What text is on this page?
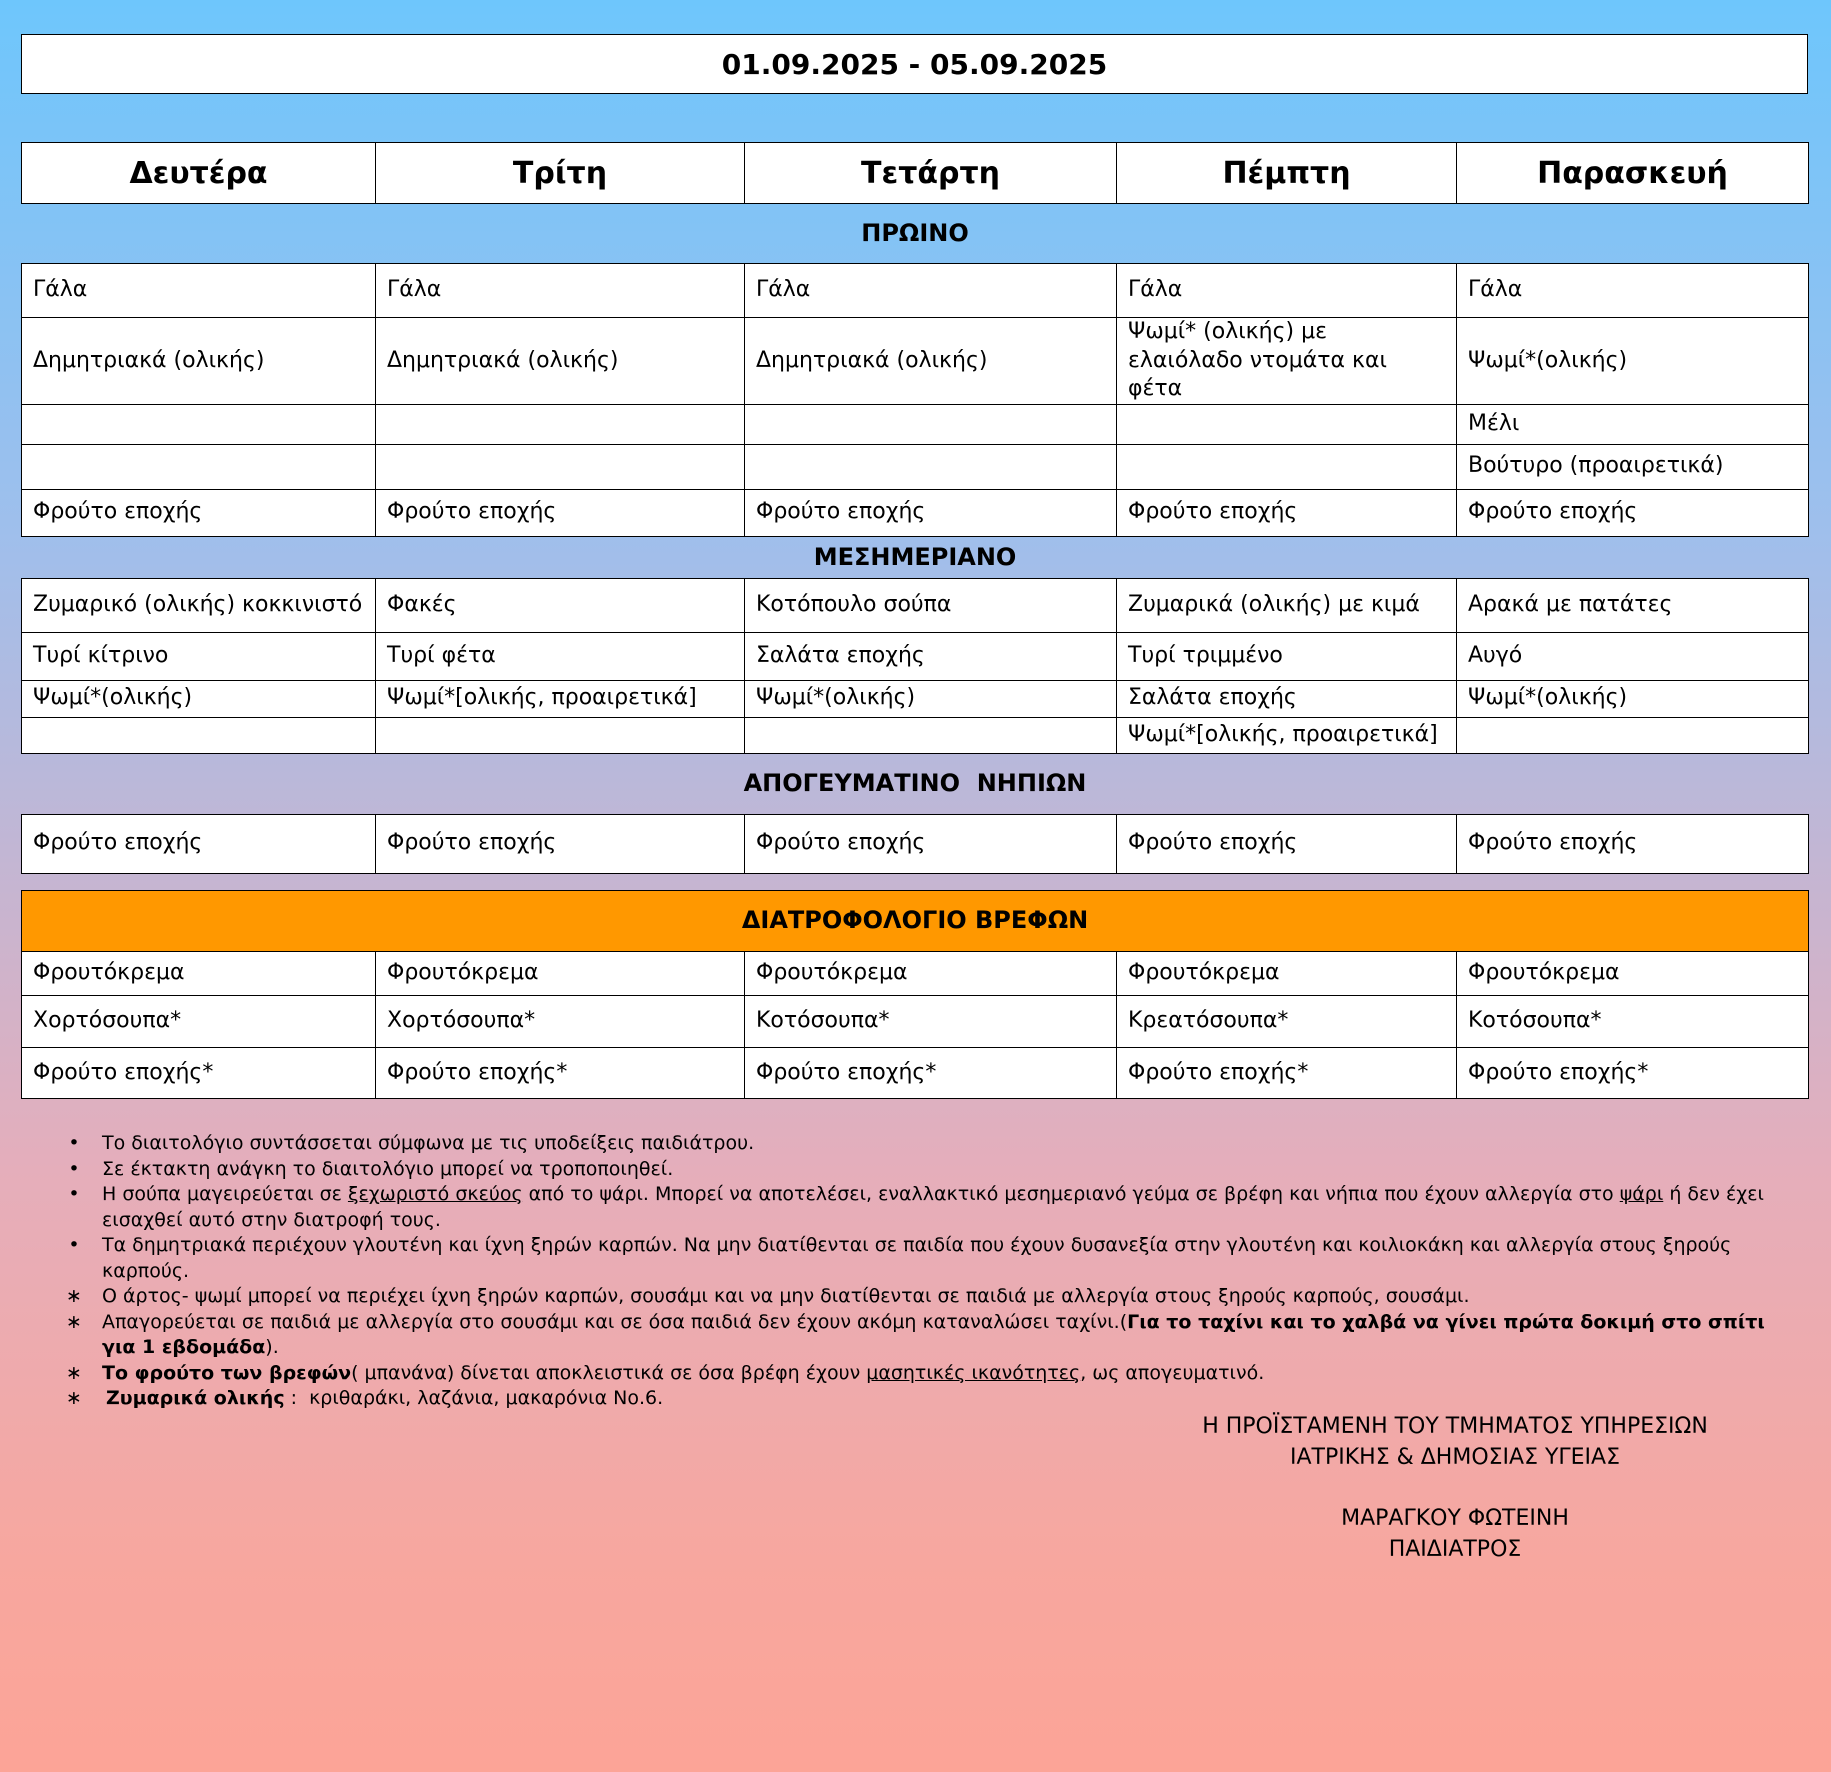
01.09.2025 - 05.09.2025
Δευτέρα	Τρίτη	Τετάρτη	Πέμπτη	Παρασκευή
ΠΡΩΙΝΟ				
Γάλα	Γάλα	Γάλα	Γάλα	Γάλα
Δημητριακά (ολικής)	Δημητριακά (ολικής)	Δημητριακά (ολικής)	Ψωμί* (ολικής) με ελαιόλαδο ντομάτα και φέτα	Ψωμί*(ολικής)
				Μέλι
				Βούτυρο (προαιρετικά)
Φρούτο εποχής	Φρούτο εποχής	Φρούτο εποχής	Φρούτο εποχής	Φρούτο εποχής
ΜΕΣΗΜΕΡΙΑΝΟ				
Ζυμαρικό (ολικής) κοκκινιστό	Φακές	Κοτόπουλο σούπα	Ζυμαρικά (ολικής) με κιμά	Αρακά με πατάτες
Τυρί κίτρινο	Τυρί φέτα	Σαλάτα εποχής	Τυρί τριμμένο	Αυγό
Ψωμί*(ολικής)	Ψωμί*[ολικής, προαιρετικά]	Ψωμί*(ολικής)	Σαλάτα εποχής	Ψωμί*(ολικής)
			Ψωμί*[ολικής, προαιρετικά]	
ΑΠΟΓΕΥΜΑΤΙΝΟ  ΝΗΠΙΩΝ				
Φρούτο εποχής	Φρούτο εποχής	Φρούτο εποχής	Φρούτο εποχής	Φρούτο εποχής
ΔΙΑΤΡΟΦΟΛΟΓΙΟ ΒΡΕΦΩΝ				
Φρουτόκρεμα	Φρουτόκρεμα	Φρουτόκρεμα	Φρουτόκρεμα	Φρουτόκρεμα
Χορτόσουπα*	Χορτόσουπα*	Κοτόσουπα*	Κρεατόσουπα*	Κοτόσουπα*
Φρούτο εποχής*	Φρούτο εποχής*	Φρούτο εποχής*	Φρούτο εποχής*	Φρούτο εποχής*
• Το διαιτολόγιο συντάσσεται σύμφωνα με τις υποδείξεις παιδιάτρου.
• Σε έκτακτη ανάγκη το διαιτολόγιο μπορεί να τροποποιηθεί.
• Η σούπα μαγειρεύεται σε ξεχωριστό σκεύος από το ψάρι. Μπορεί να αποτελέσει, εναλλακτικό μεσημεριανό γεύμα σε βρέφη και νήπια που έχουν αλλεργία στο ψάρι ή δεν έχει εισαχθεί αυτό στην διατροφή τους.
• Τα δημητριακά περιέχουν γλουτένη και ίχνη ξηρών καρπών. Να μην διατίθενται σε παιδία που έχουν δυσανεξία στην γλουτένη και κοιλιοκάκη και αλλεργία στους ξηρούς καρπούς.
∗ Ο άρτος- ψωμί μπορεί να περιέχει ίχνη ξηρών καρπών, σουσάμι και να μην διατίθενται σε παιδιά με αλλεργία στους ξηρούς καρπούς, σουσάμι.
∗ Απαγορεύεται σε παιδιά με αλλεργία στο σουσάμι και σε όσα παιδιά δεν έχουν ακόμη καταναλώσει ταχίνι.(Για το ταχίνι και το χαλβά να γίνει πρώτα δοκιμή στο σπίτι για 1 εβδομάδα).
∗ Το φρούτο των βρεφών( μπανάνα) δίνεται αποκλειστικά σε όσα βρέφη έχουν μασητικές ικανότητες, ως απογευματινό.
∗ Ζυμαρικά ολικής :  κριθαράκι, λαζάνια, μακαρόνια Νο.6.
Η ΠΡΟΪΣΤΑΜΕΝΗ ΤΟΥ ΤΜΗΜΑΤΟΣ ΥΠΗΡΕΣΙΩΝ
ΙΑΤΡΙΚΗΣ & ΔΗΜΟΣΙΑΣ ΥΓΕΙΑΣ
ΜΑΡΑΓΚΟΥ ΦΩΤΕΙΝΗ
ΠΑΙΔΙΑΤΡΟΣ
